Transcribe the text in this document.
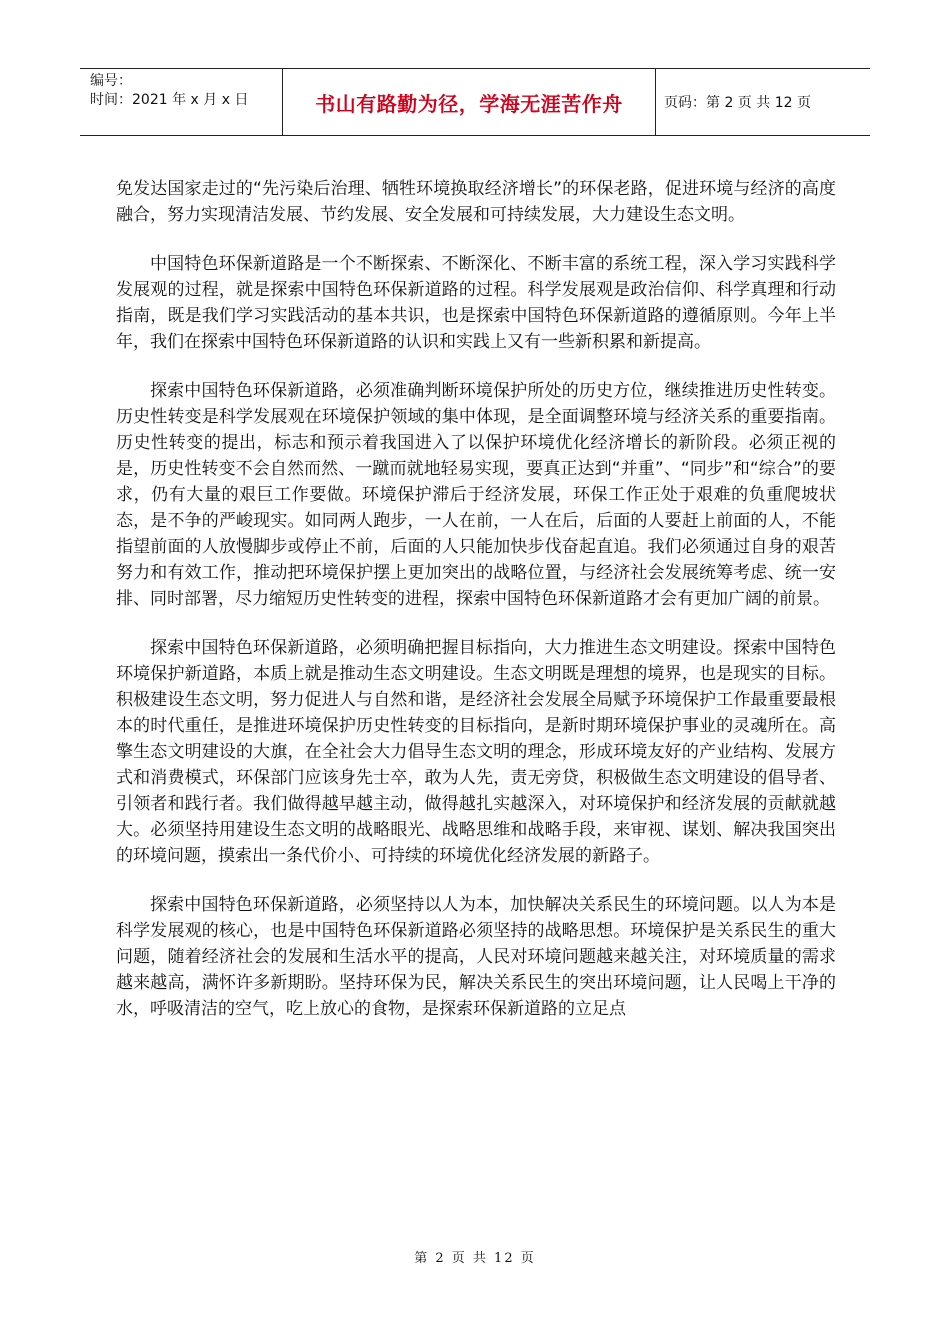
编号：
时间：2021 年 x 月 x 日	书山有路勤为径，学海无涯苦作舟	页码：第 2 页 共 12 页

免发达国家走过的“先污染后治理、牺牲环境换取经济增长”的环保老路，促进环境与经济的高度融合，努力实现清洁发展、节约发展、安全发展和可持续发展，大力建设生态文明。

中国特色环保新道路是一个不断探索、不断深化、不断丰富的系统工程，深入学习实践科学发展观的过程，就是探索中国特色环保新道路的过程。科学发展观是政治信仰、科学真理和行动指南，既是我们学习实践活动的基本共识，也是探索中国特色环保新道路的遵循原则。今年上半年，我们在探索中国特色环保新道路的认识和实践上又有一些新积累和新提高。

探索中国特色环保新道路，必须准确判断环境保护所处的历史方位，继续推进历史性转变。历史性转变是科学发展观在环境保护领域的集中体现，是全面调整环境与经济关系的重要指南。历史性转变的提出，标志和预示着我国进入了以保护环境优化经济增长的新阶段。必须正视的是，历史性转变不会自然而然、一蹴而就地轻易实现，要真正达到“并重”、“同步”和“综合”的要求，仍有大量的艰巨工作要做。环境保护滞后于经济发展，环保工作正处于艰难的负重爬坡状态，是不争的严峻现实。如同两人跑步，一人在前，一人在后，后面的人要赶上前面的人，不能指望前面的人放慢脚步或停止不前，后面的人只能加快步伐奋起直追。我们必须通过自身的艰苦努力和有效工作，推动把环境保护摆上更加突出的战略位置，与经济社会发展统筹考虑、统一安排、同时部署，尽力缩短历史性转变的进程，探索中国特色环保新道路才会有更加广阔的前景。

探索中国特色环保新道路，必须明确把握目标指向，大力推进生态文明建设。探索中国特色环境保护新道路，本质上就是推动生态文明建设。生态文明既是理想的境界，也是现实的目标。积极建设生态文明，努力促进人与自然和谐，是经济社会发展全局赋予环境保护工作最重要最根本的时代重任，是推进环境保护历史性转变的目标指向，是新时期环境保护事业的灵魂所在。高擎生态文明建设的大旗，在全社会大力倡导生态文明的理念，形成环境友好的产业结构、发展方式和消费模式，环保部门应该身先士卒，敢为人先，责无旁贷，积极做生态文明建设的倡导者、引领者和践行者。我们做得越早越主动，做得越扎实越深入，对环境保护和经济发展的贡献就越大。必须坚持用建设生态文明的战略眼光、战略思维和战略手段，来审视、谋划、解决我国突出的环境问题，摸索出一条代价小、可持续的环境优化经济发展的新路子。

探索中国特色环保新道路，必须坚持以人为本，加快解决关系民生的环境问题。以人为本是科学发展观的核心，也是中国特色环保新道路必须坚持的战略思想。环境保护是关系民生的重大问题，随着经济社会的发展和生活水平的提高，人民对环境问题越来越关注，对环境质量的需求越来越高，满怀许多新期盼。坚持环保为民，解决关系民生的突出环境问题，让人民喝上干净的水，呼吸清洁的空气，吃上放心的食物，是探索环保新道路的立足点

第 2 页 共 12 页
